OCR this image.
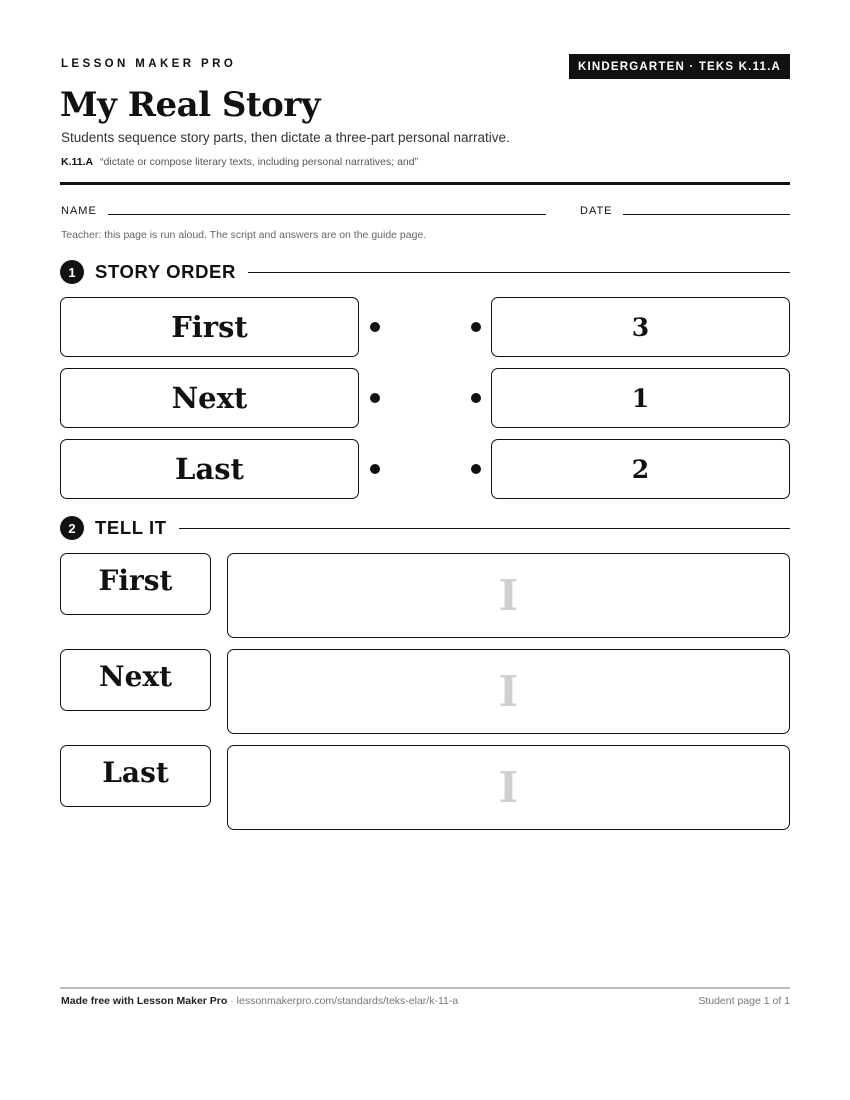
LESSON MAKER PRO	KINDERGARTEN · TEKS K.11.A
My Real Story
Students sequence story parts, then dictate a three-part personal narrative.
K.11.A “dictate or compose literary texts, including personal narratives; and”
NAME	DATE
Teacher: this page is run aloud. The script and answers are on the guide page.
1	STORY ORDER
First	3
Next	1
Last	2
2	TELL IT
First	I
Next	I
Last	I
Made free with Lesson Maker Pro · lessonmakerpro.com/standards/teks-elar/k-11-a	Student page 1 of 1
